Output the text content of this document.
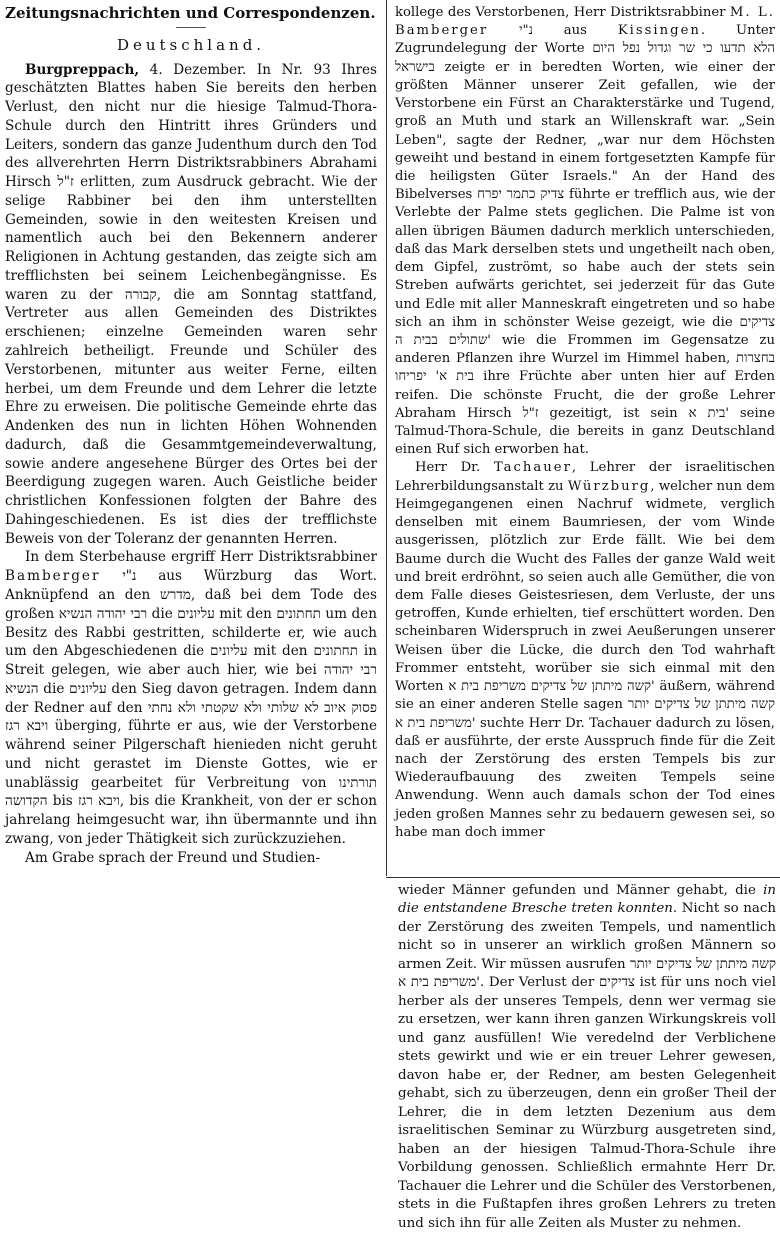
Zeitungsnachrichten und Correspondenzen.
Deutschland.

Burgpreppach, 4. Dezember. In Nr. 93 Ihres geschätzten Blattes haben Sie bereits den herben Verlust, den nicht nur die hiesige Talmud-Thora-Schule durch den Hintritt ihres Gründers und Leiters, sondern das ganze Judenthum durch den Tod des allverehrten Herrn Distriktsrabbiners Abrahami Hirsch ז"ל erlitten, zum Ausdruck gebracht. Wie der selige Rabbiner bei den ihm unterstellten Gemeinden, sowie in den weitesten Kreisen und namentlich auch bei den Bekennern anderer Religionen in Achtung gestanden, das zeigte sich am trefflichsten bei seinem Leichenbegängnisse. Es waren zu der קבורה, die am Sonntag stattfand, Vertreter aus allen Gemeinden des Distriktes erschienen; einzelne Gemeinden waren sehr zahlreich betheiligt. Freunde und Schüler des Verstorbenen, mitunter aus weiter Ferne, eilten herbei, um dem Freunde und dem Lehrer die letzte Ehre zu erweisen. Die politische Gemeinde ehrte das Andenken des nun in lichten Höhen Wohnenden dadurch, daß die Gesammtgemeindeverwaltung, sowie andere angesehene Bürger des Ortes bei der Beerdigung zugegen waren. Auch Geistliche beider christlichen Konfessionen folgten der Bahre des Dahingeschiedenen. Es ist dies der trefflichste Beweis von der Toleranz der genannten Herren.

In dem Sterbehause ergriff Herr Distriktsrabbiner Bamberger נ"י aus Würzburg das Wort. Anknüpfend an den מדרש, daß bei dem Tode des großen רבי יהודה הנשיא die עליונים mit den תחתונים um den Besitz des Rabbi gestritten, schilderte er, wie auch um den Abgeschiedenen die עליונים mit den תחתונים in Streit gelegen, wie aber auch hier, wie bei רבי יהודה הנשיא die עליונים den Sieg davon getragen. Indem dann der Redner auf den פסוק איוב לא שלותי ולא שקטתי ולא נחתי ויבא רגז überging, führte er aus, wie der Verstorbene während seiner Pilgerschaft hienieden nicht geruht und nicht gerastet im Dienste Gottes, wie er unablässig gearbeitet für Verbreitung von תורתינו הקדושה bis ויבא רגז, bis die Krankheit, von der er schon jahrelang heimgesucht war, ihn übermannte und ihn zwang, von jeder Thätigkeit sich zurückzuziehen.

Am Grabe sprach der Freund und Studien-

kollege des Verstorbenen, Herr Distriktsrabbiner M. L. Bamberger נ"י aus Kissingen. Unter Zugrundelegung der Worte הלא תדעו כי שר וגדול נפל היום בישראל zeigte er in beredten Worten, wie einer der größten Männer unserer Zeit gefallen, wie der Verstorbene ein Fürst an Charakterstärke und Tugend, groß an Muth und stark an Willenskraft war. „Sein Leben", sagte der Redner, „war nur dem Höchsten geweiht und bestand in einem fortgesetzten Kampfe für die heiligsten Güter Israels." An der Hand des Bibelverses צדיק כתמר יפרח führte er trefflich aus, wie der Verlebte der Palme stets geglichen. Die Palme ist von allen übrigen Bäumen dadurch merklich unterschieden, daß das Mark derselben stets und ungetheilt nach oben, dem Gipfel, zuströmt, so habe auch der stets sein Streben aufwärts gerichtet, sei jederzeit für das Gute und Edle mit aller Manneskraft eingetreten und so habe sich an ihm in schönster Weise gezeigt, wie die צדיקים שתולים בבית ה' wie die Frommen im Gegensatze zu anderen Pflanzen ihre Wurzel im Himmel haben, בחצרות בית א' יפריחו ihre Früchte aber unten hier auf Erden reifen. Die schönste Frucht, die der große Lehrer Abraham Hirsch ז"ל gezeitigt, ist sein בית א' seine Talmud-Thora-Schule, die bereits in ganz Deutschland einen Ruf sich erworben hat.

Herr Dr. Tachauer, Lehrer der israelitischen Lehrerbildungsanstalt zu Würzburg, welcher nun dem Heimgegangenen einen Nachruf widmete, verglich denselben mit einem Baumriesen, der vom Winde ausgerissen, plötzlich zur Erde fällt. Wie bei dem Baume durch die Wucht des Falles der ganze Wald weit und breit erdröhnt, so seien auch alle Gemüther, die von dem Falle dieses Geistesriesen, dem Verluste, der uns getroffen, Kunde erhielten, tief erschüttert worden. Den scheinbaren Widerspruch in zwei Aeußerungen unserer Weisen über die Lücke, die durch den Tod wahrhaft Frommer entsteht, worüber sie sich einmal mit den Worten קשה מיתתן של צדיקים משריפת בית א' äußern, während sie an einer anderen Stelle sagen קשה מיתתן של צדיקים יותר משריפת בית א' suchte Herr Dr. Tachauer dadurch zu lösen, daß er ausführte, der erste Ausspruch finde für die Zeit nach der Zerstörung des ersten Tempels bis zur Wiederaufbauung des zweiten Tempels seine Anwendung. Wenn auch damals schon der Tod eines jeden großen Mannes sehr zu bedauern gewesen sei, so habe man doch immer

wieder Männer gefunden und Männer gehabt, die in die entstandene Bresche treten konnten. Nicht so nach der Zerstörung des zweiten Tempels, und namentlich nicht so in unserer an wirklich großen Männern so armen Zeit. Wir müssen ausrufen קשה מיתתן של צדיקים יותר משריפת בית א'. Der Verlust der צדיקים ist für uns noch viel herber als der unseres Tempels, denn wer vermag sie zu ersetzen, wer kann ihren ganzen Wirkungskreis voll und ganz ausfüllen! Wie veredelnd der Verblichene stets gewirkt und wie er ein treuer Lehrer gewesen, davon habe er, der Redner, am besten Gelegenheit gehabt, sich zu überzeugen, denn ein großer Theil der Lehrer, die in dem letzten Dezenium aus dem israelitischen Seminar zu Würzburg ausgetreten sind, haben an der hiesigen Talmud-Thora-Schule ihre Vorbildung genossen. Schließlich ermahnte Herr Dr. Tachauer die Lehrer und die Schüler des Verstorbenen, stets in die Fußtapfen ihres großen Lehrers zu treten und sich ihn für alle Zeiten als Muster zu nehmen.
